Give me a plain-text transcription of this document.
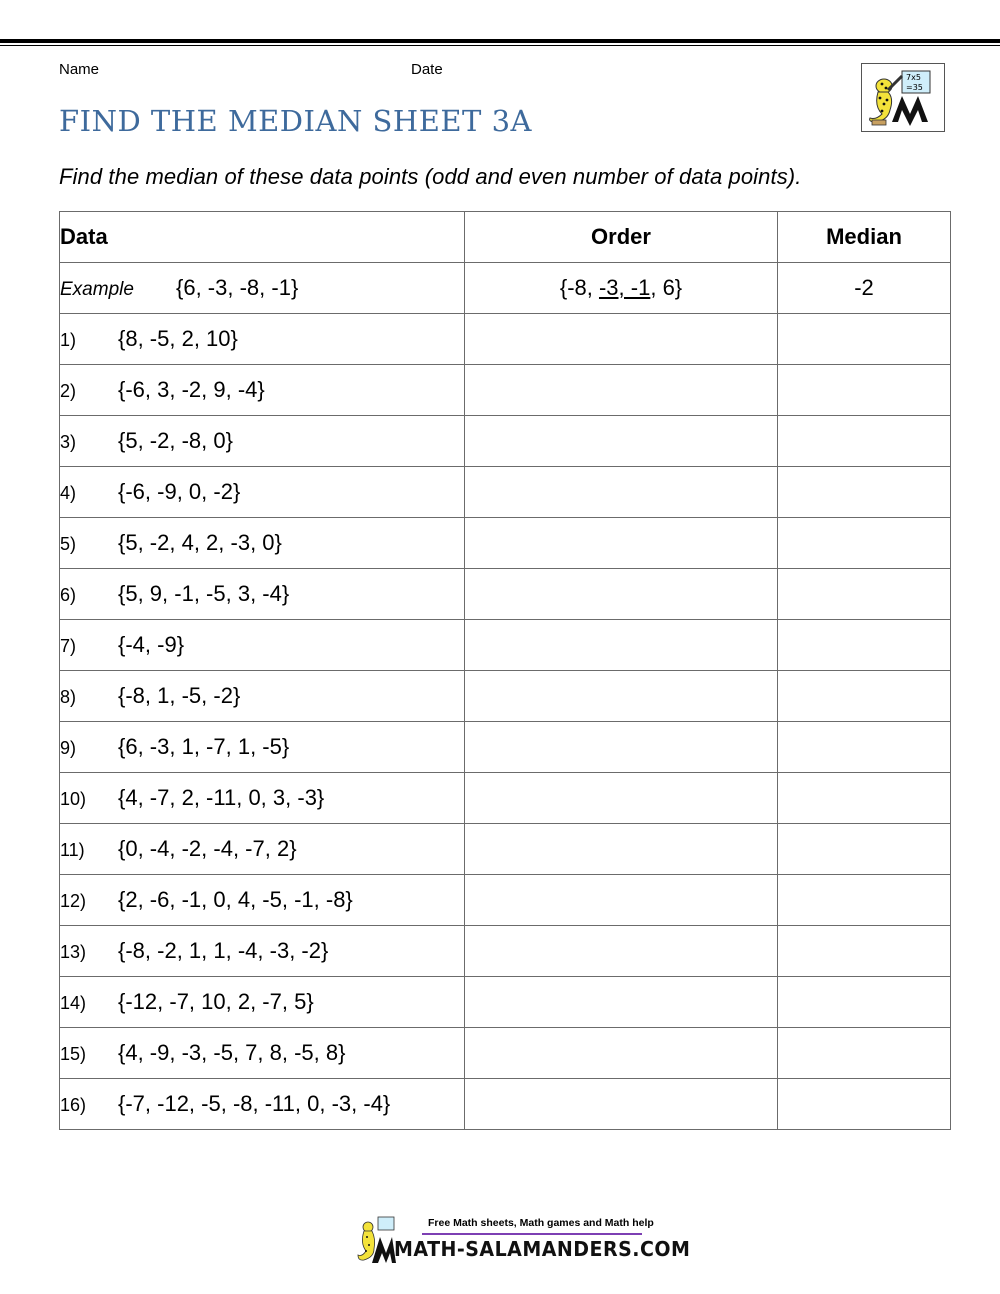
Name	Date
FIND THE MEDIAN SHEET 3A
7x5
=35
Find the median of these data points (odd and even number of data points).
Data	Order	Median
Example {6, -3, -8, -1}	{-8, -3, -1, 6}	-2
1) {8, -5, 2, 10}		
2) {-6, 3, -2, 9, -4}		
3) {5, -2, -8, 0}		
4) {-6, -9, 0, -2}		
5) {5, -2, 4, 2, -3, 0}		
6) {5, 9, -1, -5, 3, -4}		
7) {-4, -9}		
8) {-8, 1, -5, -2}		
9) {6, -3, 1, -7, 1, -5}		
10) {4, -7, 2, -11, 0, 3, -3}		
11) {0, -4, -2, -4, -7, 2}		
12) {2, -6, -1, 0, 4, -5, -1, -8}		
13) {-8, -2, 1, 1, -4, -3, -2}		
14) {-12, -7, 10, 2, -7, 5}		
15) {4, -9, -3, -5, 7, 8, -5, 8}		
16) {-7, -12, -5, -8, -11, 0, -3, -4}		
Free Math sheets, Math games and Math help
MATH-SALAMANDERS.COM
